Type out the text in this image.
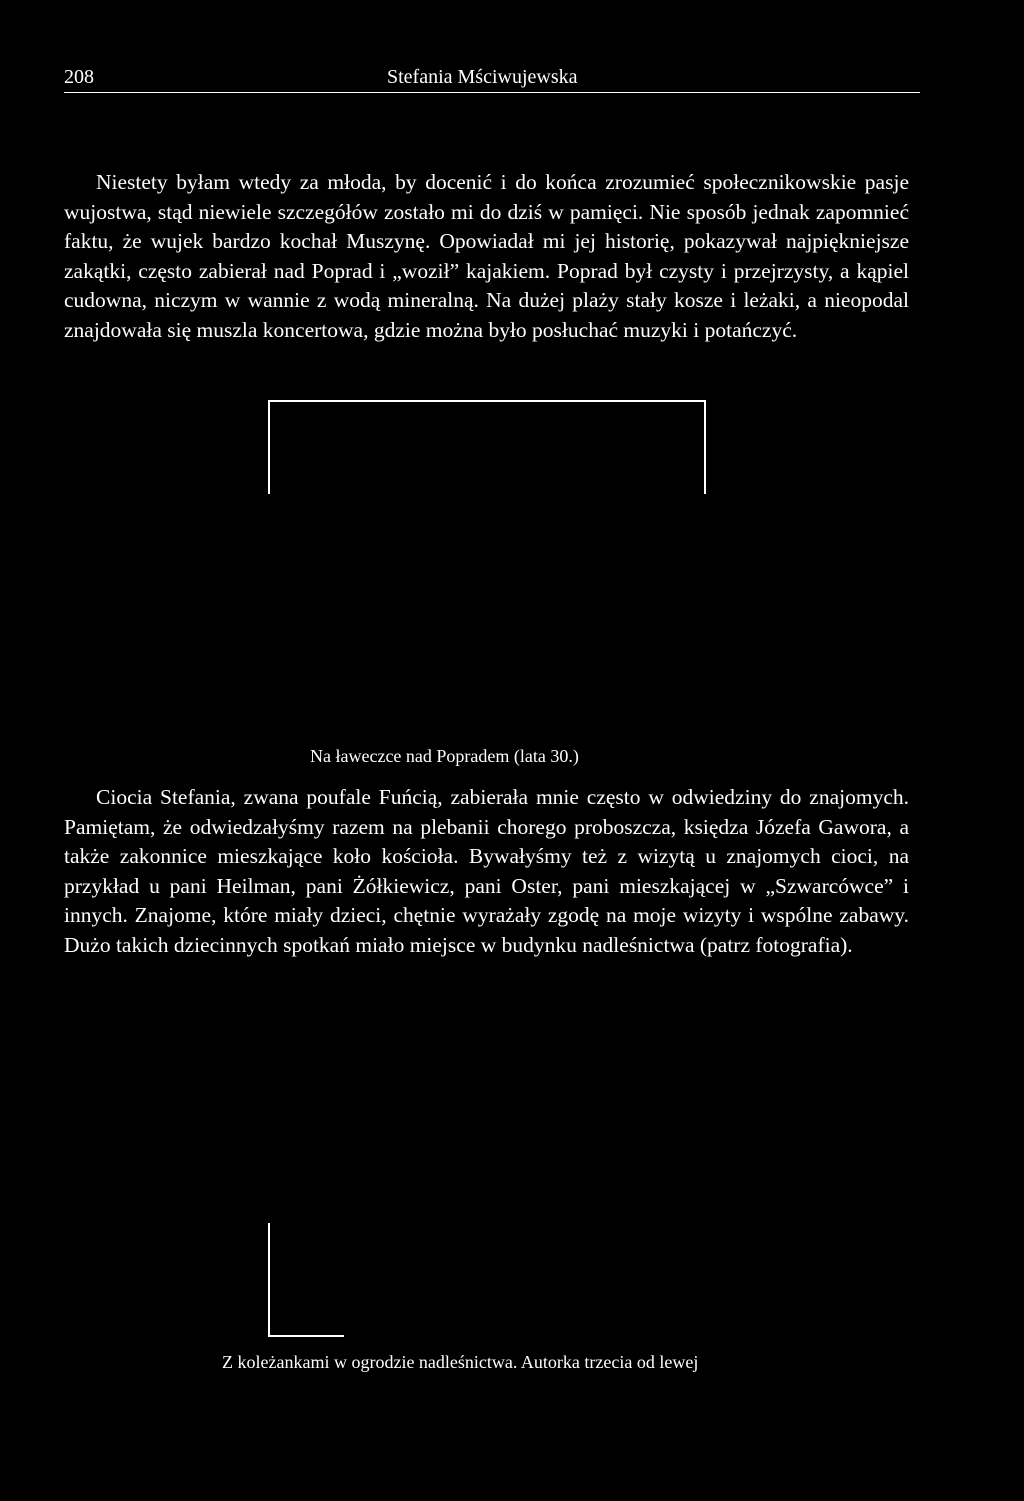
208	Stefania Mściwujewska

Niestety byłam wtedy za młoda, by docenić i do końca zrozumieć społecznikowskie pasje wujostwa, stąd niewiele szczegółów zostało mi do dziś w pamięci. Nie sposób jednak zapomnieć faktu, że wujek bardzo kochał Muszynę. Opowiadał mi jej historię, pokazywał najpiękniejsze zakątki, często zabierał nad Poprad i „woził” kajakiem. Poprad był czysty i przejrzysty, a kąpiel cudowna, niczym w wannie z wodą mineralną. Na dużej plaży stały kosze i leżaki, a nieopodal znajdowała się muszla koncertowa, gdzie można było posłuchać muzyki i potańczyć.

Na ławeczce nad Popradem (lata 30.)

Ciocia Stefania, zwana poufale Fuńcią, zabierała mnie często w odwiedziny do znajomych. Pamiętam, że odwiedzałyśmy razem na plebanii chorego proboszcza, księdza Józefa Gawora, a także zakonnice mieszkające koło kościoła. Bywałyśmy też z wizytą u znajomych cioci, na przykład u pani Heilman, pani Żółkiewicz, pani Oster, pani mieszkającej w „Szwarcówce” i innych. Znajome, które miały dzieci, chętnie wyrażały zgodę na moje wizyty i wspólne zabawy. Dużo takich dziecinnych spotkań miało miejsce w budynku nadleśnictwa (patrz fotografia).

Z koleżankami w ogrodzie nadleśnictwa. Autorka trzecia od lewej
